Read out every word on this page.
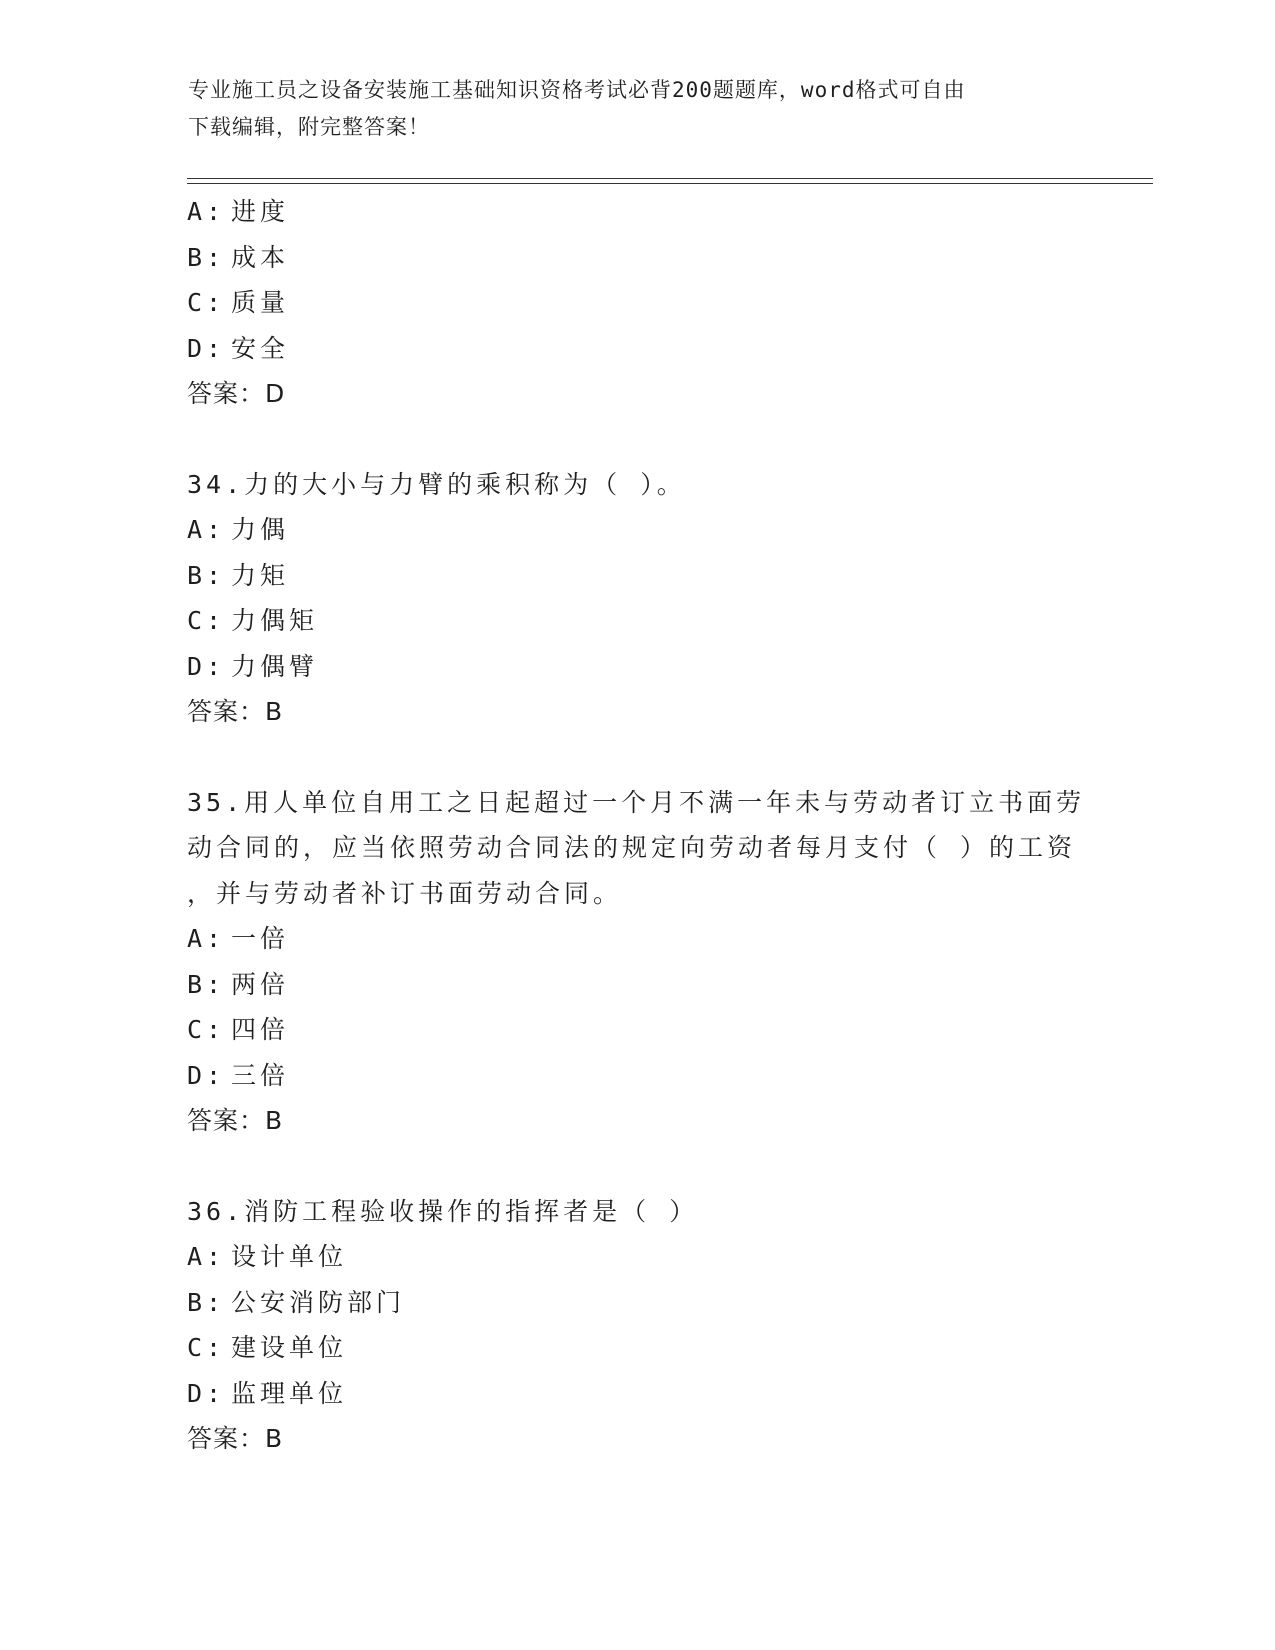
专业施工员之设备安装施工基础知识资格考试必背200题题库，word格式可自由
下载编辑，附完整答案！
A: 进度
B: 成本
C: 质量
D: 安全
答案：D
34.力的大小与力臂的乘积称为（ ）。
A: 力偶
B: 力矩
C: 力偶矩
D: 力偶臂
答案：B
35.用人单位自用工之日起超过一个月不满一年未与劳动者订立书面劳
动合同的，应当依照劳动合同法的规定向劳动者每月支付（ ）的工资
，并与劳动者补订书面劳动合同。
A: 一倍
B: 两倍
C: 四倍
D: 三倍
答案：B
36.消防工程验收操作的指挥者是（ ）
A: 设计单位
B: 公安消防部门
C: 建设单位
D: 监理单位
答案：B
